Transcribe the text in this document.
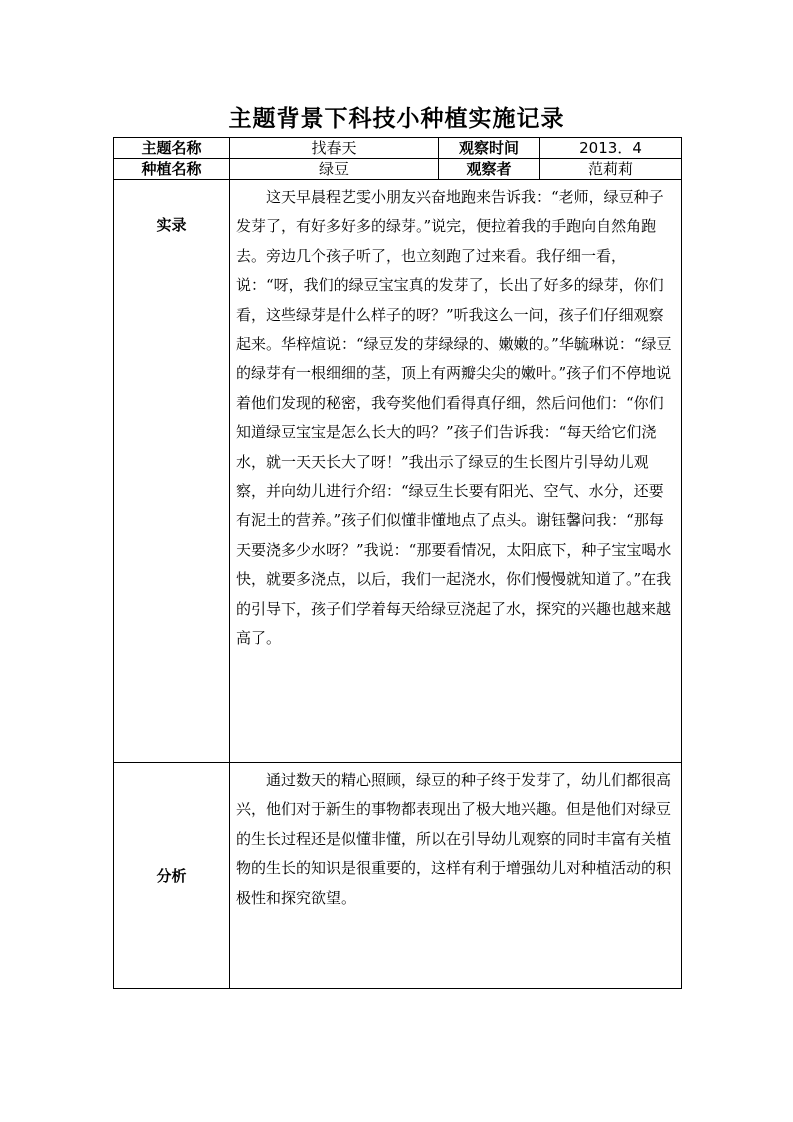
主题背景下科技小种植实施记录
主题名称	找春天	观察时间	2013．4
种植名称	绿豆	观察者	范莉莉
实录	这天早晨程艺雯小朋友兴奋地跑来告诉我：“老师，绿豆种子发芽了，有好多好多的绿芽。”说完，便拉着我的手跑向自然角跑去。旁边几个孩子听了，也立刻跑了过来看。我仔细一看，说：“呀，我们的绿豆宝宝真的发芽了，长出了好多的绿芽，你们看，这些绿芽是什么样子的呀？”听我这么一问，孩子们仔细观察起来。华梓煊说：“绿豆发的芽绿绿的、嫩嫩的。”华毓琳说：“绿豆的绿芽有一根细细的茎，顶上有两瓣尖尖的嫩叶。”孩子们不停地说着他们发现的秘密，我夸奖他们看得真仔细，然后问他们：“你们知道绿豆宝宝是怎么长大的吗？”孩子们告诉我：“每天给它们浇水，就一天天长大了呀！”我出示了绿豆的生长图片引导幼儿观察，并向幼儿进行介绍：“绿豆生长要有阳光、空气、水分，还要有泥土的营养。”孩子们似懂非懂地点了点头。谢钰馨问我：“那每天要浇多少水呀？”我说：“那要看情况，太阳底下，种子宝宝喝水快，就要多浇点，以后，我们一起浇水，你们慢慢就知道了。”在我的引导下，孩子们学着每天给绿豆浇起了水，探究的兴趣也越来越高了。		

分析	通过数天的精心照顾，绿豆的种子终于发芽了，幼儿们都很高兴，他们对于新生的事物都表现出了极大地兴趣。但是他们对绿豆的生长过程还是似懂非懂，所以在引导幼儿观察的同时丰富有关植物的生长的知识是很重要的，这样有利于增强幼儿对种植活动的积极性和探究欲望。		
